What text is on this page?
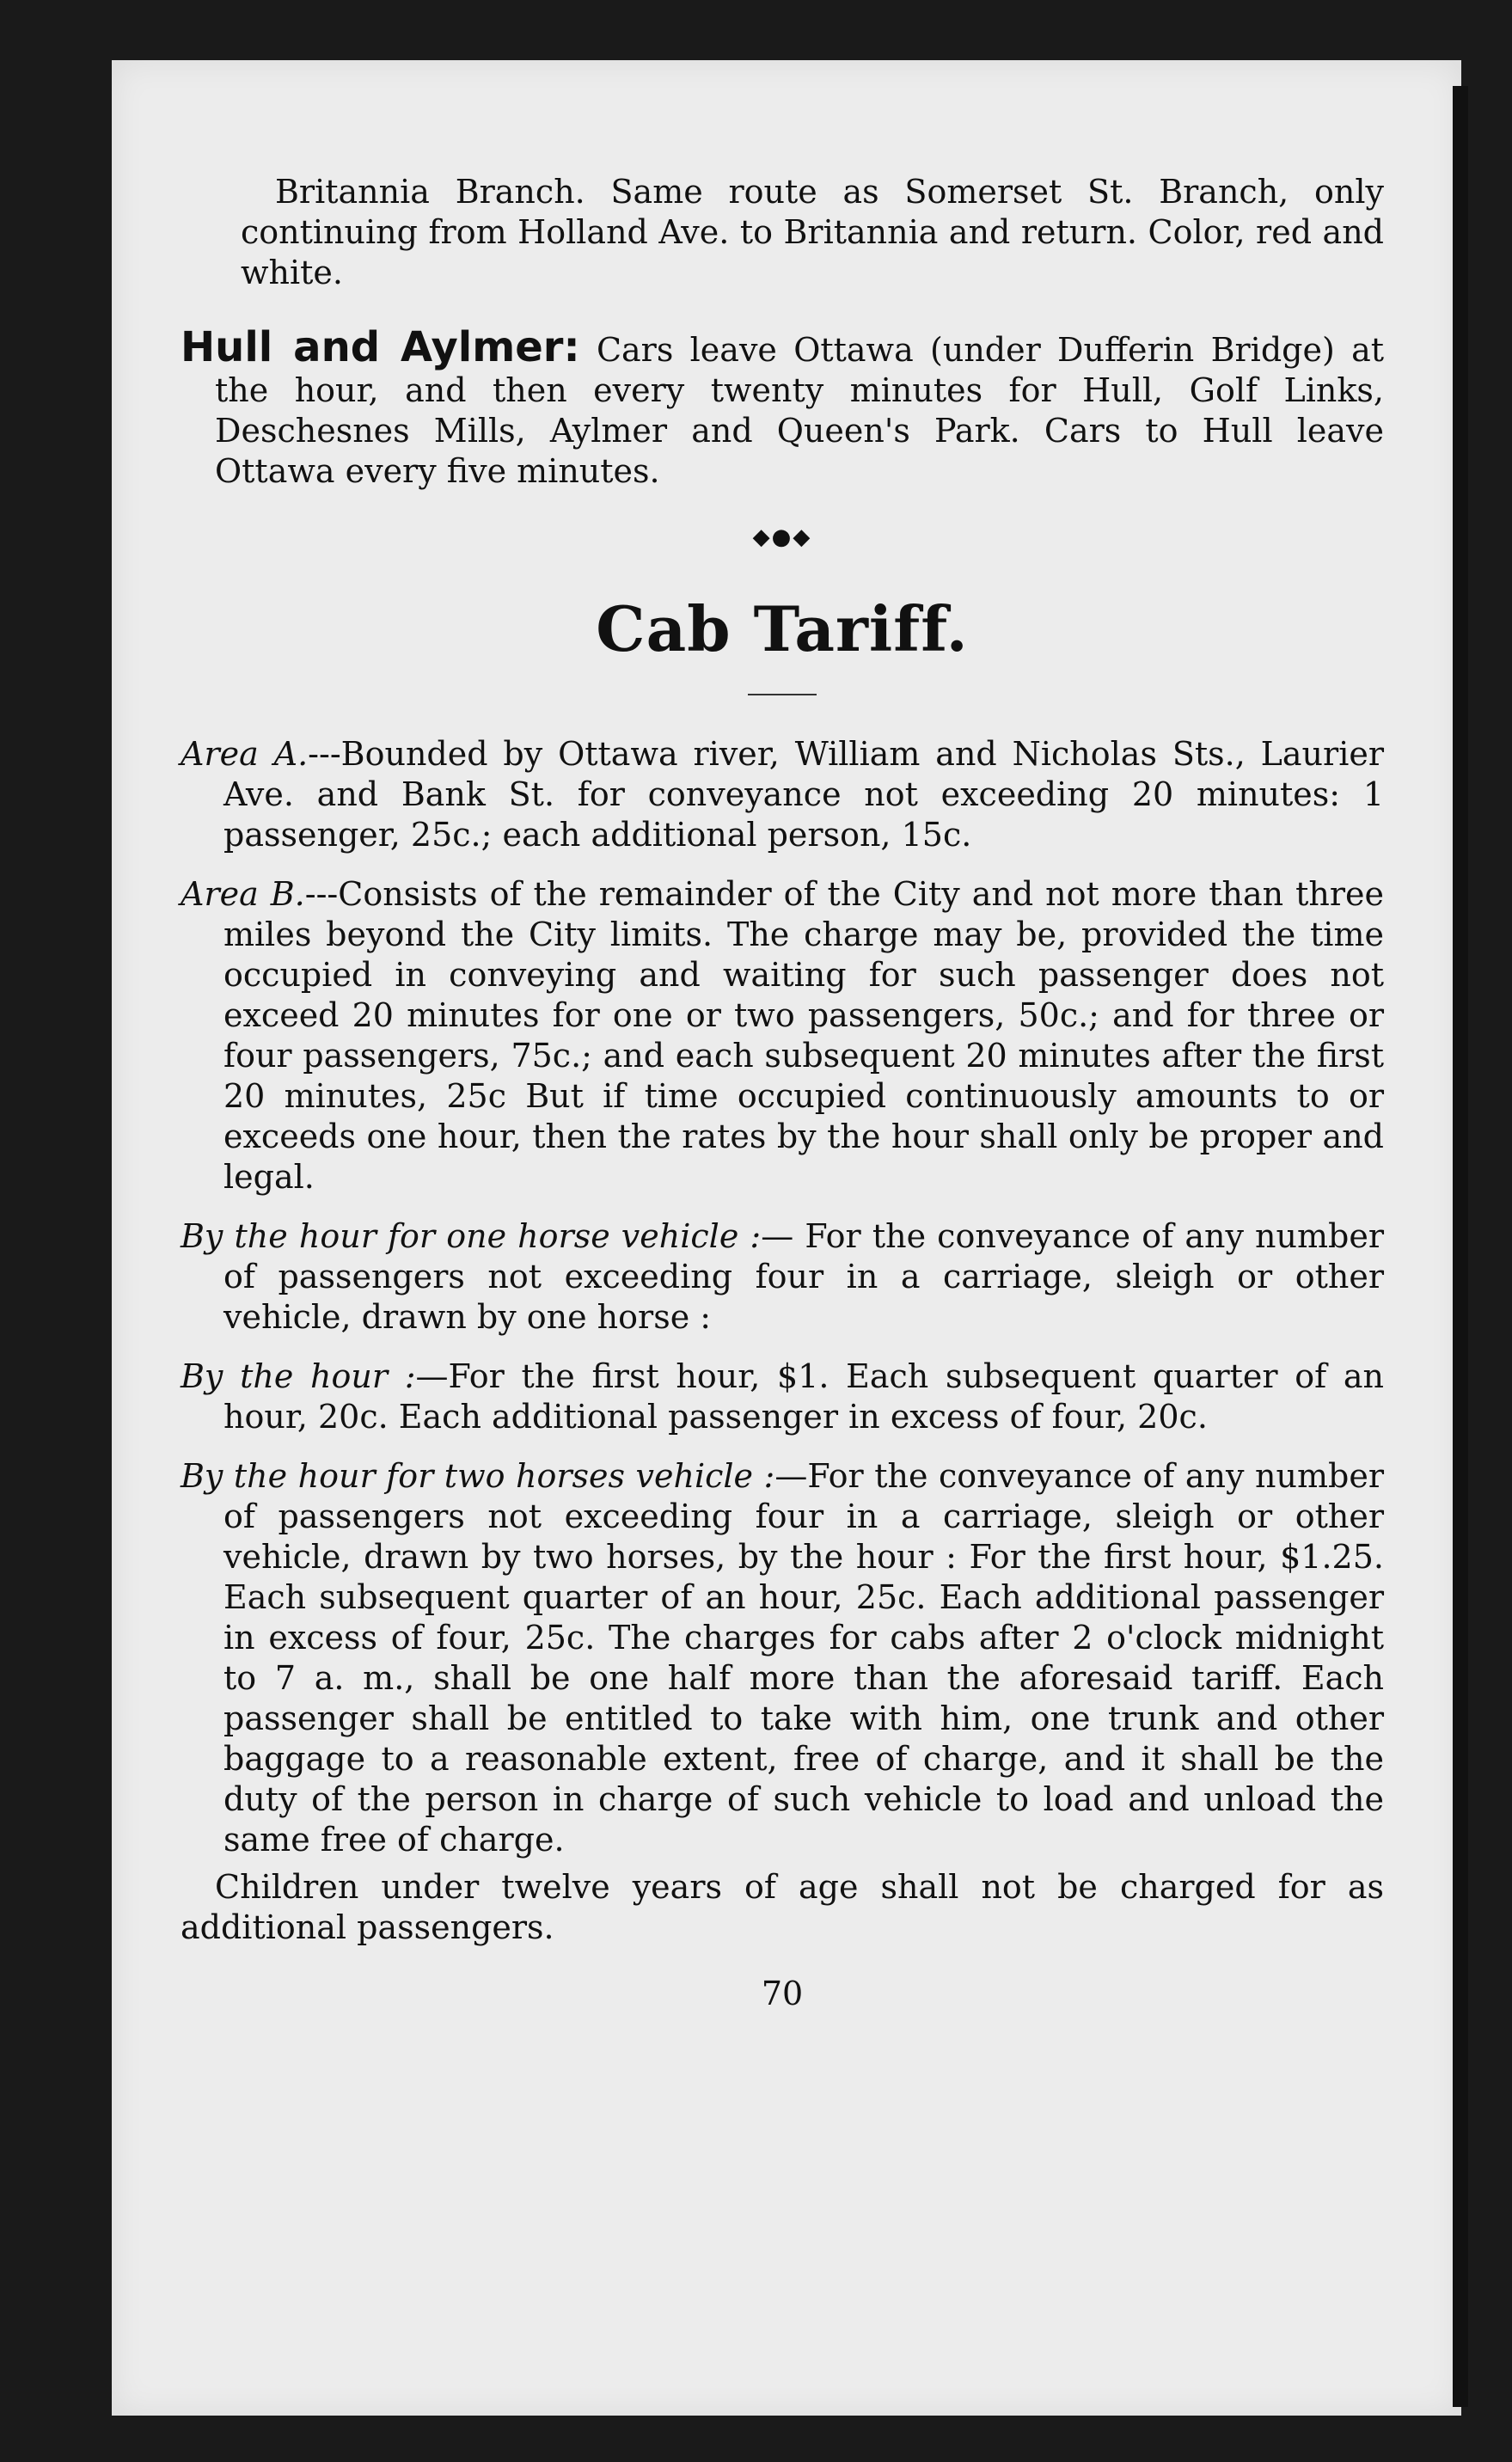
Britannia Branch. Same route as Somerset St. Branch, only continuing from Holland Ave. to Britannia and return. Color, red and white.

Hull and Aylmer: Cars leave Ottawa (under Dufferin Bridge) at the hour, and then every twenty minutes for Hull, Golf Links, Deschesnes Mills, Aylmer and Queen's Park. Cars to Hull leave Ottawa every five minutes.

◆●◆
Cab Tariff.

Area A.---Bounded by Ottawa river, William and Nicholas Sts., Laurier Ave. and Bank St. for conveyance not exceeding 20 minutes: 1 passenger, 25c.; each additional person, 15c.

Area B.---Consists of the remainder of the City and not more than three miles beyond the City limits. The charge may be, provided the time occupied in conveying and waiting for such passenger does not exceed 20 minutes for one or two passengers, 50c.; and for three or four passengers, 75c.; and each subsequent 20 minutes after the first 20 minutes, 25c But if time occupied continuously amounts to or exceeds one hour, then the rates by the hour shall only be proper and legal.

By the hour for one horse vehicle :— For the conveyance of any number of passengers not exceeding four in a carriage, sleigh or other vehicle, drawn by one horse :

By the hour :—For the first hour, $1. Each subsequent quarter of an hour, 20c. Each additional passenger in excess of four, 20c.

By the hour for two horses vehicle :—For the conveyance of any number of passengers not exceeding four in a carriage, sleigh or other vehicle, drawn by two horses, by the hour : For the first hour, $1.25. Each subsequent quarter of an hour, 25c. Each additional passenger in excess of four, 25c. The charges for cabs after 2 o'clock midnight to 7 a. m., shall be one half more than the aforesaid tariff. Each passenger shall be entitled to take with him, one trunk and other baggage to a reasonable extent, free of charge, and it shall be the duty of the person in charge of such vehicle to load and unload the same free of charge.

Children under twelve years of age shall not be charged for as additional passengers.

70
